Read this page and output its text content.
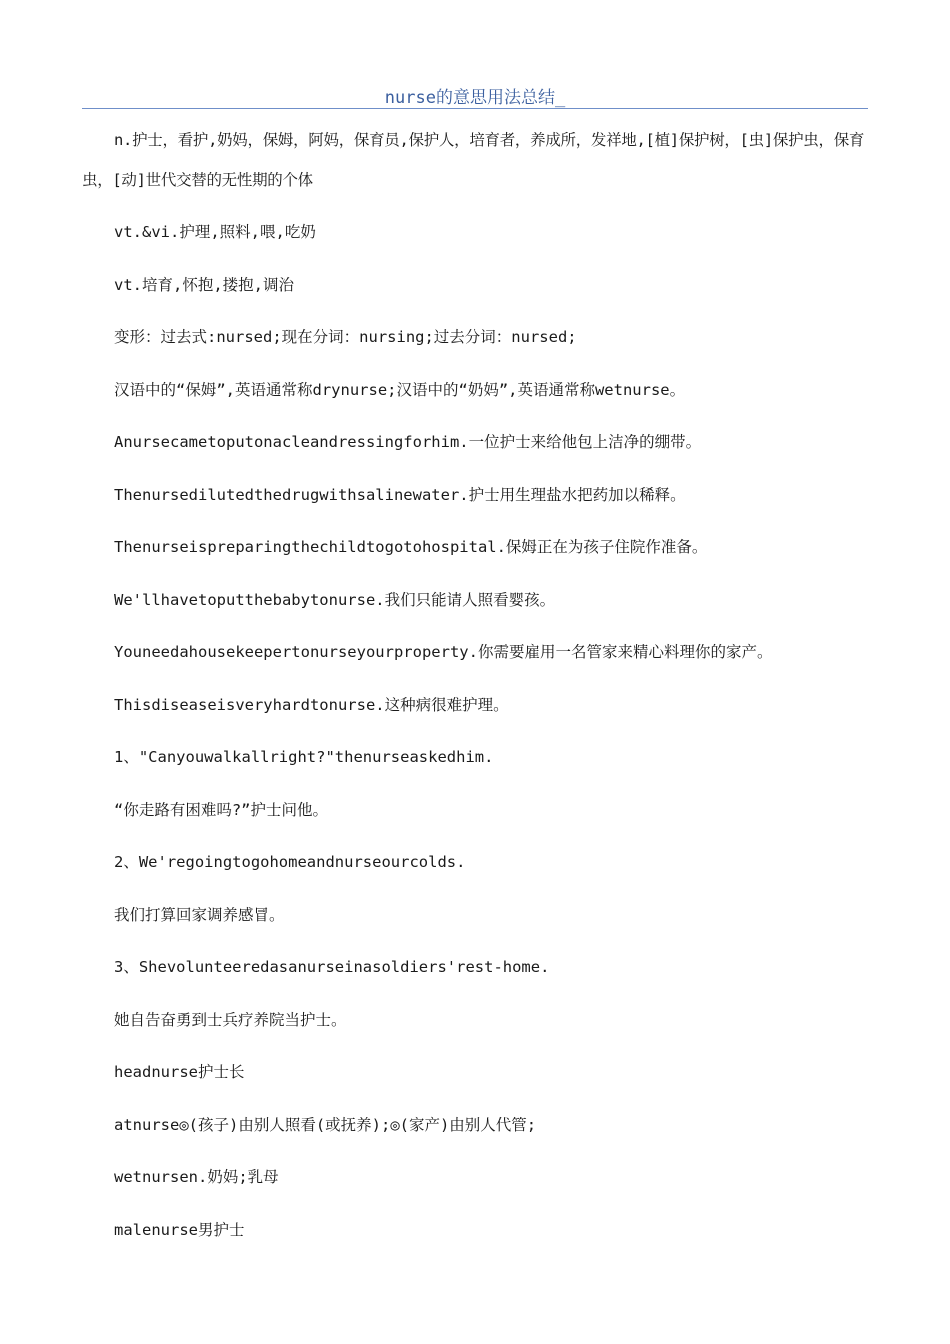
nurse的意思用法总结_

n.护士，看护,奶妈，保姆，阿妈，保育员,保护人，培育者，养成所，发祥地,[植]保护树，[虫]保护虫，保育虫，[动]世代交替的无性期的个体

vt.&vi.护理,照料,喂,吃奶

vt.培育,怀抱,搂抱,调治

变形：过去式:nursed;现在分词：nursing;过去分词：nursed;

汉语中的“保姆”,英语通常称drynurse;汉语中的“奶妈”,英语通常称wetnurse。

Anursecametoputonacleandressingforhim.一位护士来给他包上洁净的绷带。

Thenursedilutedthedrugwithsalinewater.护士用生理盐水把药加以稀释。

Thenurseispreparingthechildtogotohospital.保姆正在为孩子住院作准备。

We'llhavetoputthebabytonurse.我们只能请人照看婴孩。

Youneedahousekeepertonurseyourproperty.你需要雇用一名管家来精心料理你的家产。

Thisdiseaseisveryhardtonurse.这种病很难护理。

1、"Canyouwalkallright?"thenurseaskedhim.

“你走路有困难吗?”护士问他。

2、We'regoingtogohomeandnurseourcolds.

我们打算回家调养感冒。

3、Shevolunteeredasanurseinasoldiers'rest-home.

她自告奋勇到士兵疗养院当护士。

headnurse护士长

atnurse◎(孩子)由别人照看(或抚养);◎(家产)由别人代管;

wetnursen.奶妈;乳母

malenurse男护士
